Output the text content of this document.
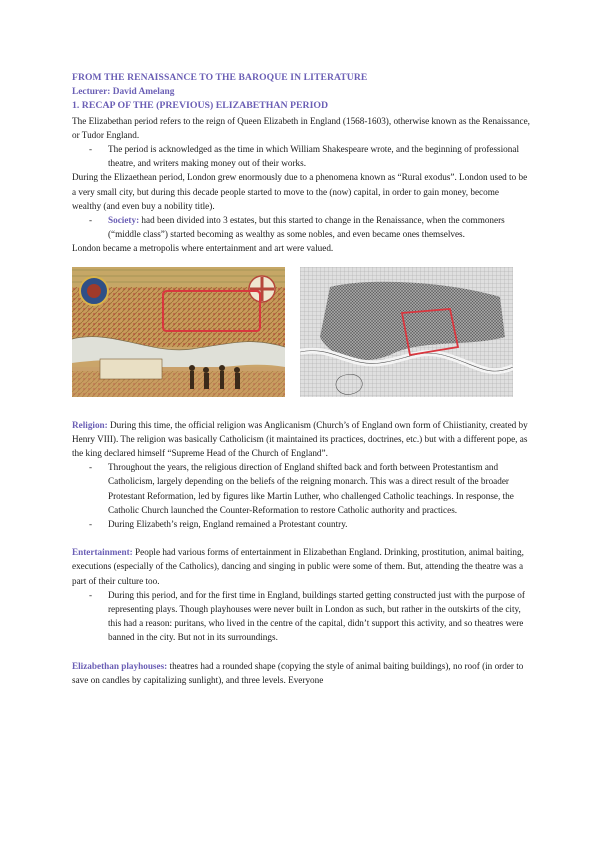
FROM THE RENAISSANCE TO THE BAROQUE IN LITERATURE

Lecturer: David Amelang

1. RECAP OF THE (PREVIOUS) ELIZABETHAN PERIOD

The Elizabethan period refers to the reign of Queen Elizabeth in England (1568-1603), otherwise known as the Renaissance, or Tudor England.

- The period is acknowledged as the time in which William Shakespeare wrote, and the beginning of professional theatre, and writers making money out of their works.

During the Elizaethean period, London grew enormously due to a phenomena known as “Rural exodus”. London used to be a very small city, but during this decade people started to move to the (now) capital, in order to gain money, become wealthy (and even buy a nobility title).

- Society: had been divided into 3 estates, but this started to change in the Renaissance, when the commoners (“middle class”) started becoming as wealthy as some nobles, and even became ones themselves.

London became a metropolis where entertainment and art were valued.

Religion: During this time, the official religion was Anglicanism (Church’s of England own form of Chiistianity, created by Henry VIII). The religion was basically Catholicism (it maintained its practices, doctrines, etc.) but with a different pope, as the king declared himself “Supreme Head of the Church of England”.

- Throughout the years, the religious direction of England shifted back and forth between Protestantism and Catholicism, largely depending on the beliefs of the reigning monarch. This was a direct result of the broader Protestant Reformation, led by figures like Martin Luther, who challenged Catholic teachings. In response, the Catholic Church launched the Counter-Reformation to restore Catholic authority and practices.
- During Elizabeth’s reign, England remained a Protestant country.

Entertainment: People had various forms of entertainment in Elizabethan England. Drinking, prostitution, animal baiting, executions (especially of the Catholics), dancing and singing in public were some of them. But, attending the theatre was a part of their culture too.

- During this period, and for the first time in England, buildings started getting constructed just with the purpose of representing plays. Though playhouses were never built in London as such, but rather in the outskirts of the city, this had a reason: puritans, who lived in the centre of the capital, didn’t support this activity, and so theatres were banned in the city. But not in its surroundings.

Elizabethan playhouses: theatres had a rounded shape (copying the style of animal baiting buildings), no roof (in order to save on candles by capitalizing sunlight), and three levels. Everyone
